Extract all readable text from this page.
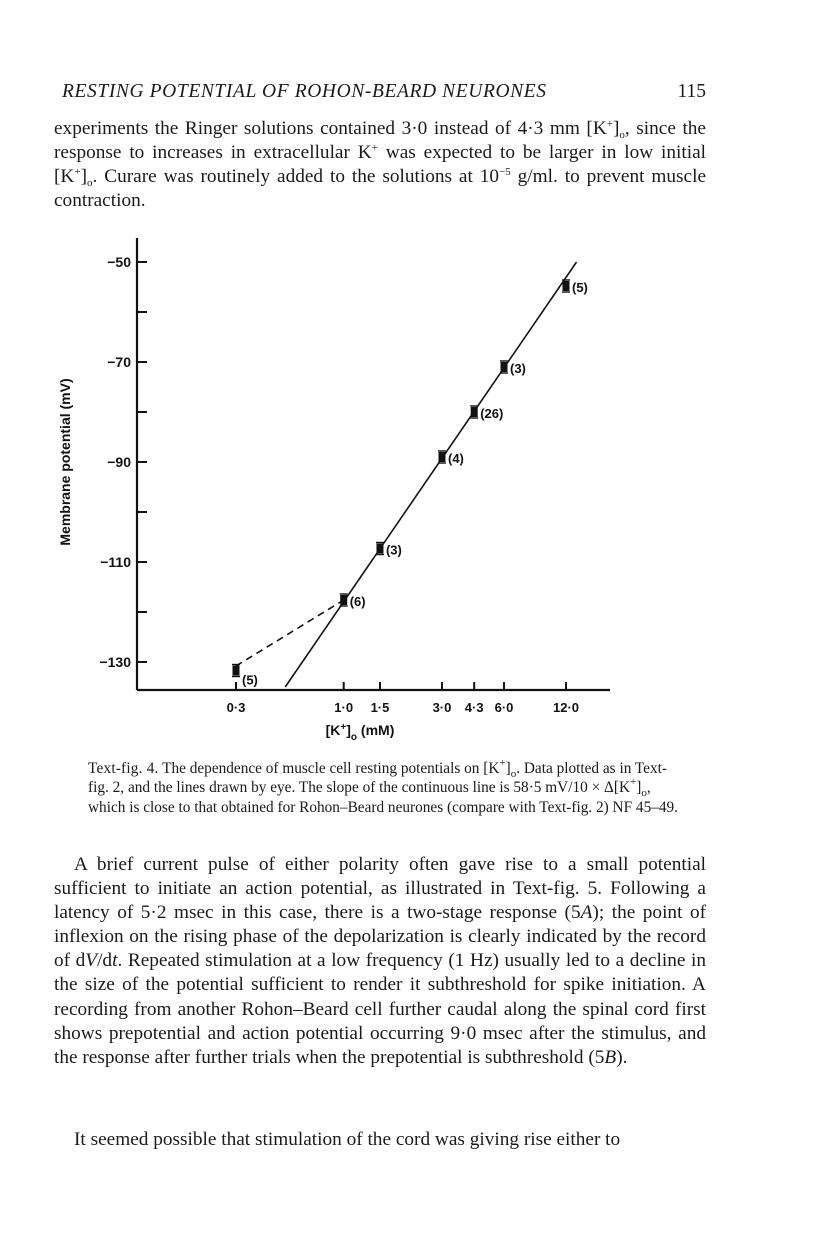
RESTING POTENTIAL OF ROHON-BEARD NEURONES	115

experiments the Ringer solutions contained 3·0 instead of 4·3 mm $[K^+]_o$, since the response to increases in extracellular K+ was expected to be larger in low initial $[K^+]_o$. Curare was routinely added to the solutions at $10^{-5}$ g/ml. to prevent muscle contraction.

−50
−70
−90
−110
−130
0·3	1·0 1·5	3·0 4·3 6·0	12·0
Membrane potential (mV)
$[K^+]_o$ (mM)
(5)
(6)
(3)
(4)
(26)
(3)
(5)

Text-fig. 4. The dependence of muscle cell resting potentials on $[K^+]_o$. Data plotted as in Text-fig. 2, and the lines drawn by eye. The slope of the continuous line is 58·5 $mV/10 \times \Delta[K^+]_o$, which is close to that obtained for Rohon–Beard neurones (compare with Text-fig. 2) NF 45–49.

A brief current pulse of either polarity often gave rise to a small potential sufficient to initiate an action potential, as illustrated in Text-fig. 5. Following a latency of 5·2 msec in this case, there is a two-stage response (5A); the point of inflexion on the rising phase of the depolarization is clearly indicated by the record of dV/dt. Repeated stimulation at a low frequency (1 Hz) usually led to a decline in the size of the potential sufficient to render it subthreshold for spike initiation. A recording from another Rohon–Beard cell further caudal along the spinal cord first shows prepotential and action potential occurring 9·0 msec after the stimulus, and the response after further trials when the prepotential is subthreshold (5B).

It seemed possible that stimulation of the cord was giving rise either to
